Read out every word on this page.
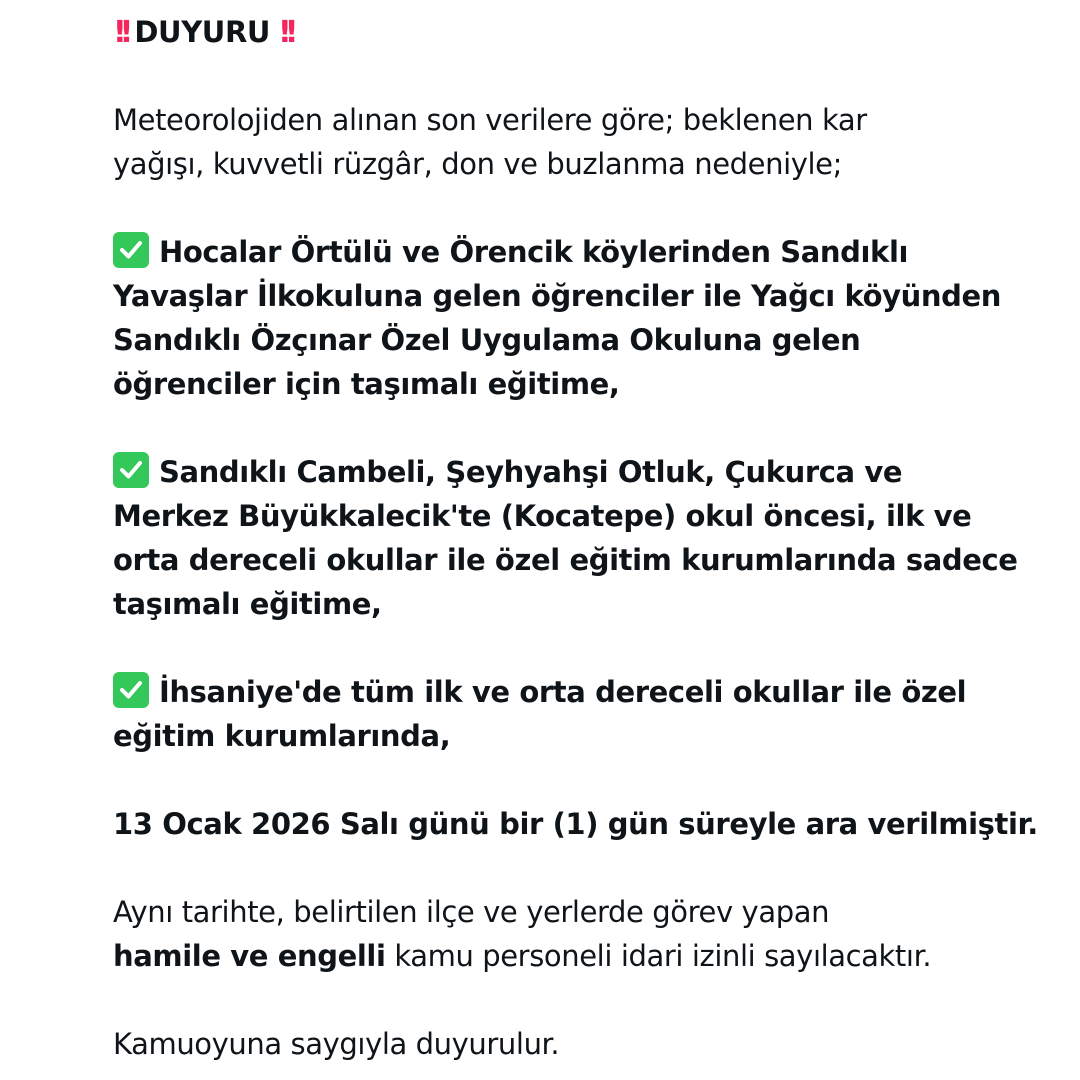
!! DUYURU !!
Meteorolojiden alınan son verilere göre; beklenen kar
yağışı, kuvvetli rüzgâr, don ve buzlanma nedeniyle;
Hocalar Örtülü ve Örencik köylerinden Sandıklı
Yavaşlar İlkokuluna gelen öğrenciler ile Yağcı köyünden
Sandıklı Özçınar Özel Uygulama Okuluna gelen
öğrenciler için taşımalı eğitime,
Sandıklı Cambeli, Şeyhyahşi Otluk, Çukurca ve
Merkez Büyükkalecik'te (Kocatepe) okul öncesi, ilk ve
orta dereceli okullar ile özel eğitim kurumlarında sadece
taşımalı eğitime,
İhsaniye'de tüm ilk ve orta dereceli okullar ile özel
eğitim kurumlarında,
13 Ocak 2026 Salı günü bir (1) gün süreyle ara verilmiştir.
Aynı tarihte, belirtilen ilçe ve yerlerde görev yapan
hamile ve engelli kamu personeli idari izinli sayılacaktır.
Kamuoyuna saygıyla duyurulur.
